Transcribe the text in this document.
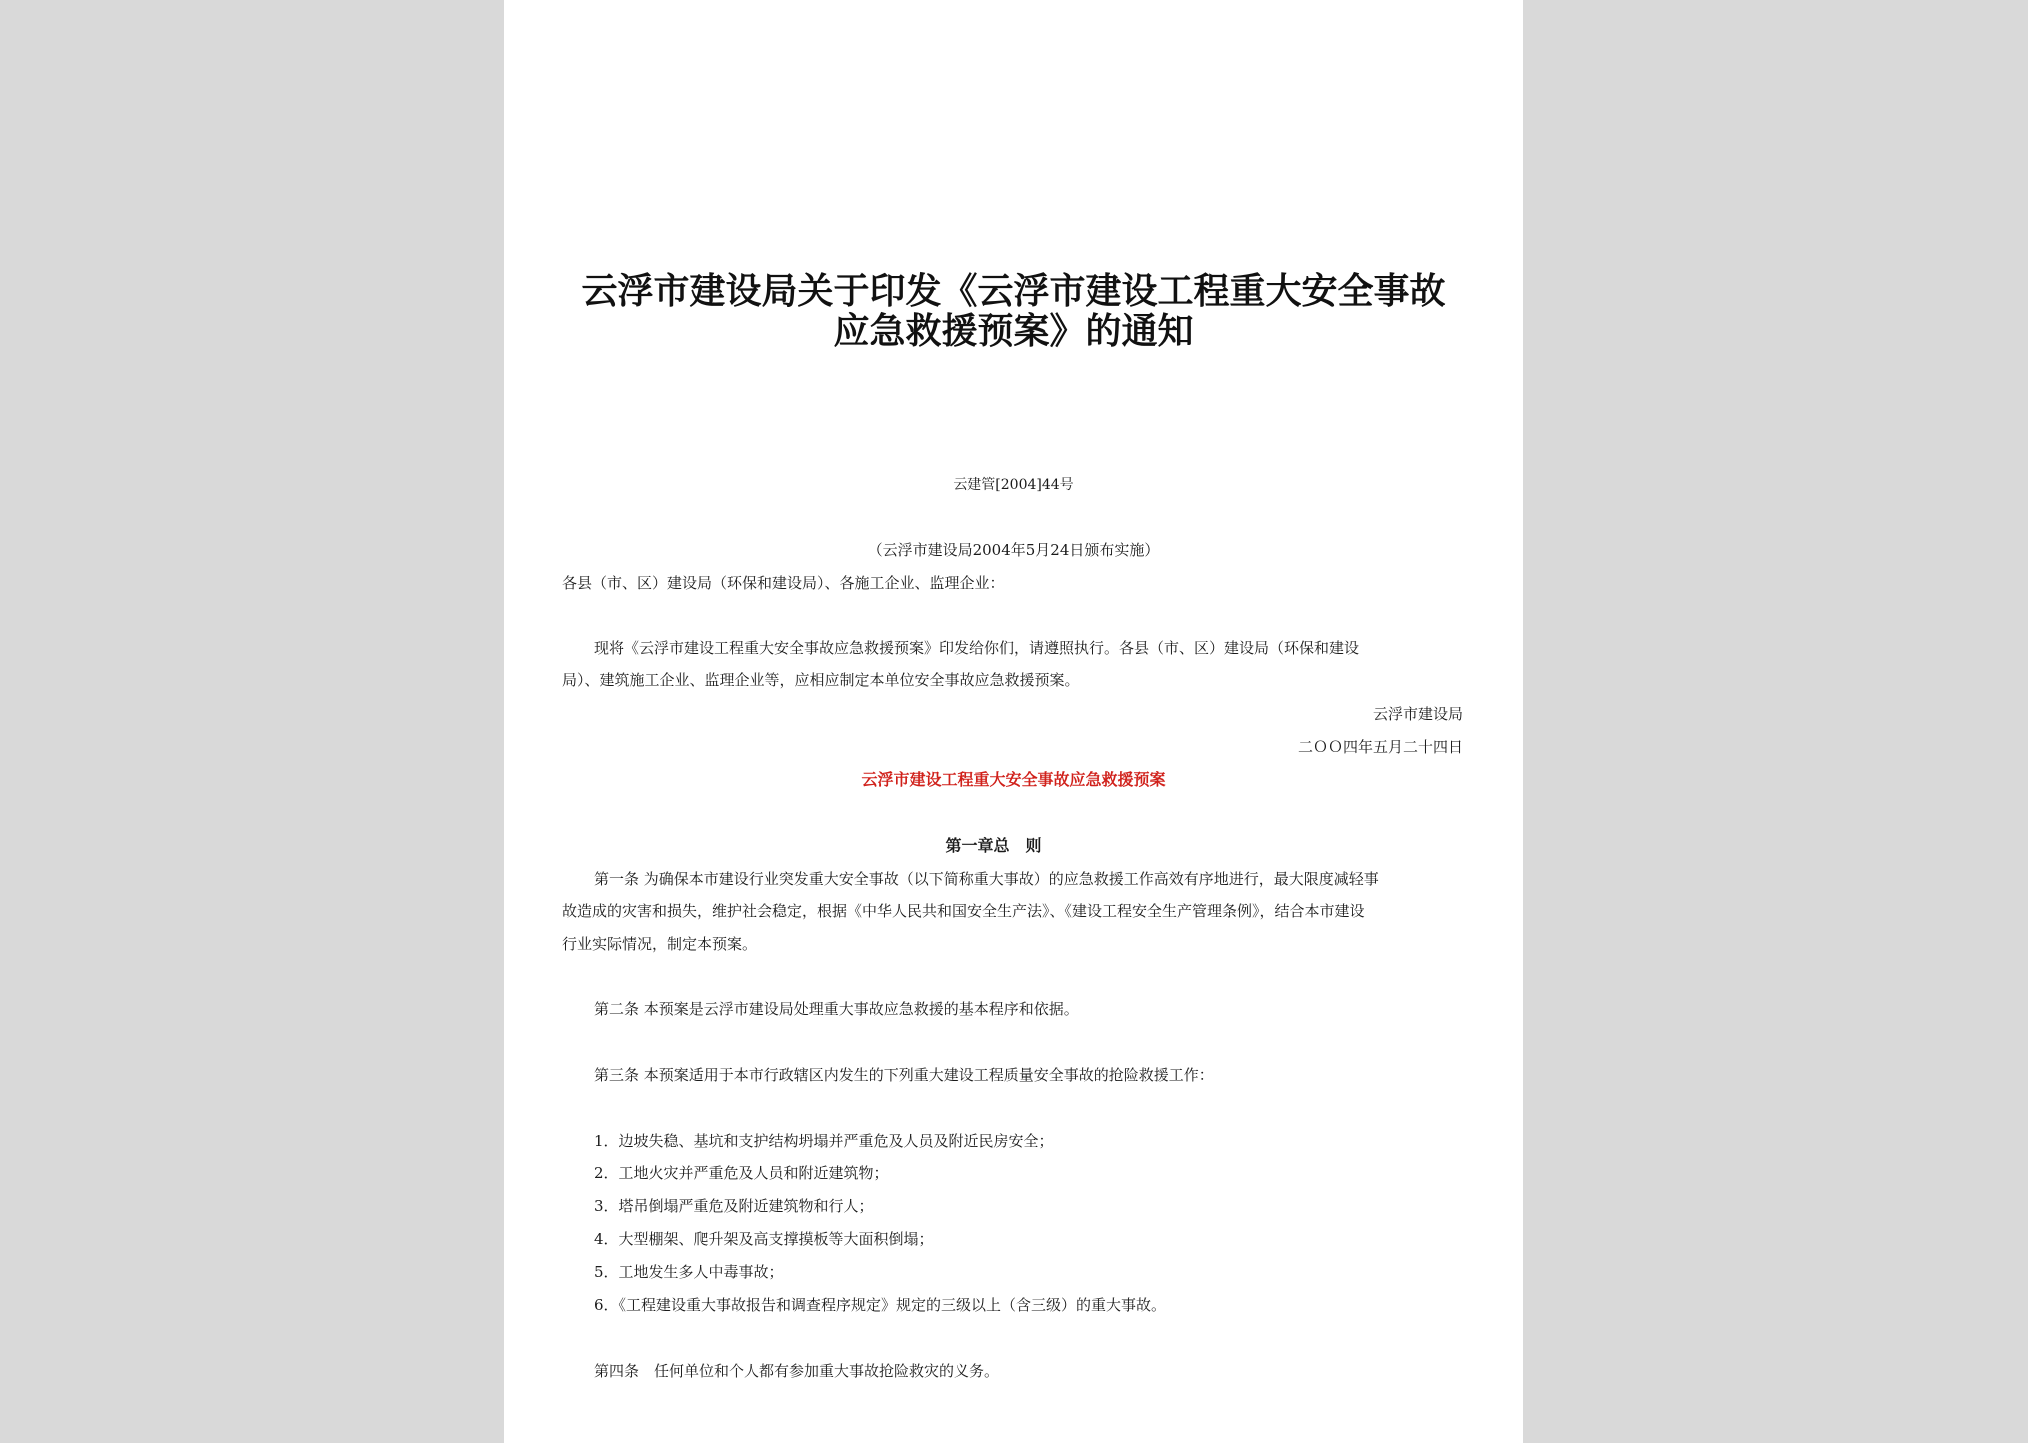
云浮市建设局关于印发《云浮市建设工程重大安全事故
应急救援预案》的通知
云建管[2004]44号
（云浮市建设局2004年5月24日颁布实施）
各县（市、区）建设局（环保和建设局）、各施工企业、监理企业：
现将《云浮市建设工程重大安全事故应急救援预案》印发给你们，请遵照执行。各县（市、区）建设局（环保和建设
局）、建筑施工企业、监理企业等，应相应制定本单位安全事故应急救援预案。
云浮市建设局
二ＯＯ四年五月二十四日
云浮市建设工程重大安全事故应急救援预案
第一章总　则
第一条 为确保本市建设行业突发重大安全事故（以下简称重大事故）的应急救援工作高效有序地进行，最大限度减轻事
故造成的灾害和损失，维护社会稳定，根据《中华人民共和国安全生产法》、《建设工程安全生产管理条例》，结合本市建设
行业实际情况，制定本预案。
第二条 本预案是云浮市建设局处理重大事故应急救援的基本程序和依据。
第三条 本预案适用于本市行政辖区内发生的下列重大建设工程质量安全事故的抢险救援工作：
1．边坡失稳、基坑和支护结构坍塌并严重危及人员及附近民房安全；
2．工地火灾并严重危及人员和附近建筑物；
3．塔吊倒塌严重危及附近建筑物和行人；
4．大型棚架、爬升架及高支撑摸板等大面积倒塌；
5．工地发生多人中毒事故；
6．《工程建设重大事故报告和调查程序规定》规定的三级以上（含三级）的重大事故。
第四条　任何单位和个人都有参加重大事故抢险救灾的义务。
